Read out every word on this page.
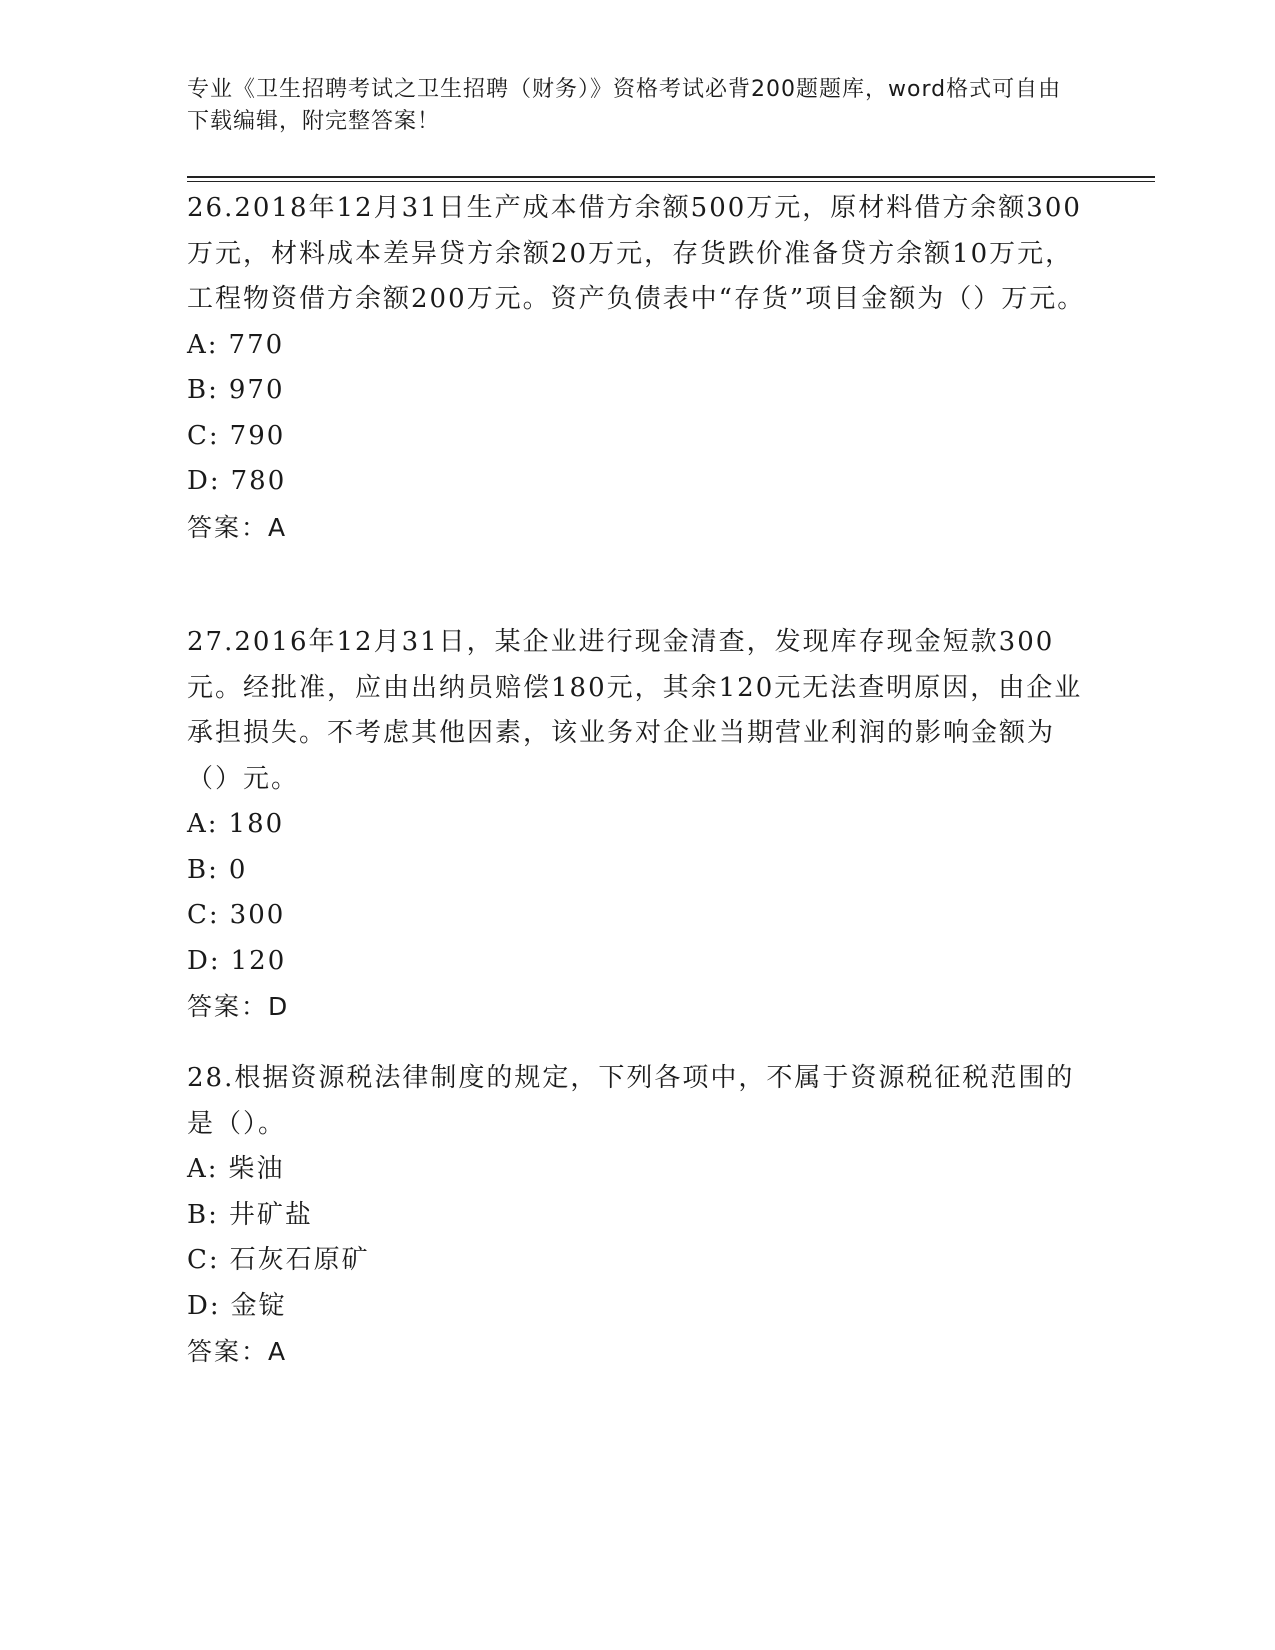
专业《卫生招聘考试之卫生招聘（财务）》资格考试必背200题题库，word格式可自由下载编辑，附完整答案！

26.2018年12月31日生产成本借方余额500万元，原材料借方余额300万元，材料成本差异贷方余额20万元，存货跌价准备贷方余额10万元，工程物资借方余额200万元。资产负债表中“存货”项目金额为（）万元。

A: 770

B: 970

C: 790

D: 780

答案：A

27.2016年12月31日，某企业进行现金清查，发现库存现金短款300元。经批准，应由出纳员赔偿180元，其余120元无法查明原因，由企业承担损失。不考虑其他因素，该业务对企业当期营业利润的影响金额为（）元。

A: 180

B: 0

C: 300

D: 120

答案：D

28.根据资源税法律制度的规定，下列各项中，不属于资源税征税范围的是（）。

A: 柴油

B: 井矿盐

C: 石灰石原矿

D: 金锭

答案：A
